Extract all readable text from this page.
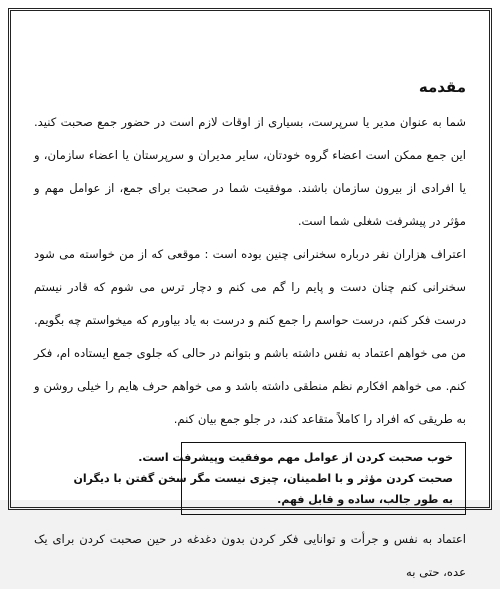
مقدمه

شما به عنوان مدیر یا سرپرست، بسیاری از اوقات لازم است در حضور جمع صحبت کنید. این جمع ممکن است اعضاء گروه خودتان، سایر مدیران و سرپرستان یا اعضاء سازمان، و یا افرادی از بیرون سازمان باشند. موفقیت شما در صحبت برای جمع، از عوامل مهم و مؤثر در پیشرفت شغلی شما است.

اعتراف هزاران نفر درباره سخنرانی چنین بوده است : موقعی که از من خواسته می شود سخنرانی کنم چنان دست و پایم را گم می کنم و دچار ترس می شوم که قادر نیستم درست فکر کنم، درست حواسم را جمع کنم و درست به یاد بیاورم که میخواستم چه بگویم. من می خواهم اعتماد به نفس داشته باشم و بتوانم در حالی که جلوی جمع ایستاده ام، فکر کنم. می خواهم افکارم نظم منطقی داشته باشد و می خواهم حرف هایم را خیلی روشن و به طریقی که افراد را کاملاً متقاعد کند، در جلو جمع بیان کنم.

خوب صحبت کردن از عوامل مهم موفقیت وپیشرفت است.
صحبت کردن مؤثر و با اطمینان، چیزی نیست مگر سخن گفتن با دیگران
به طور جالب، ساده و قابل فهم.

اعتماد به نفس و جرأت و توانایی فکر کردن بدون دغدغه در حین صحبت کردن برای یک عده، حتی به
